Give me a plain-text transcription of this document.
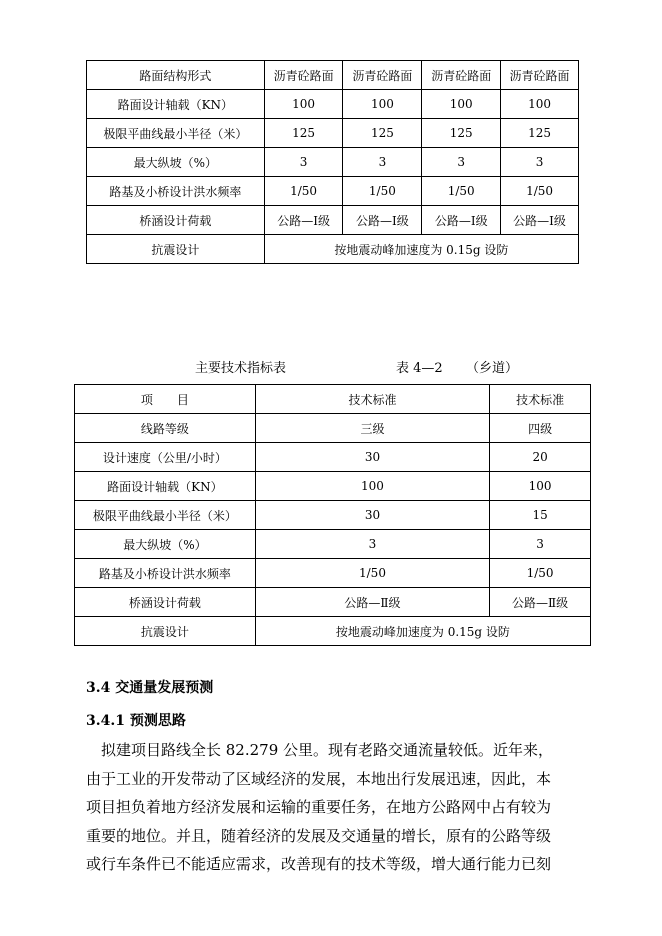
路面结构形式	沥青砼路面	沥青砼路面	沥青砼路面	沥青砼路面
路面设计轴载（KN）	100	100	100	100
极限平曲线最小半径（米）	125	125	125	125
最大纵坡（%）	3	3	3	3
路基及小桥设计洪水频率	1/50	1/50	1/50	1/50
桥涵设计荷载	公路—Ⅰ级	公路—Ⅰ级	公路—Ⅰ级	公路—Ⅰ级
抗震设计	按地震动峰加速度为 0.15g 设防			
主要技术指标表	表 4—2 （乡道）
项　　目	技术标准	技术标准
线路等级	三级	四级
设计速度（公里/小时）	30	20
路面设计轴载（KN）	100	100
极限平曲线最小半径（米）	30	15
最大纵坡（%）	3	3
路基及小桥设计洪水频率	1/50	1/50
桥涵设计荷载	公路—Ⅱ级	公路—Ⅱ级
抗震设计	按地震动峰加速度为 0.15g 设防	
3.4 交通量发展预测
3.4.1 预测思路
　拟建项目路线全长 82.279 公里。现有老路交通流量较低。近年来，
由于工业的开发带动了区域经济的发展，本地出行发展迅速，因此，本
项目担负着地方经济发展和运输的重要任务，在地方公路网中占有较为
重要的地位。并且，随着经济的发展及交通量的增长，原有的公路等级
或行车条件已不能适应需求，改善现有的技术等级，增大通行能力已刻
